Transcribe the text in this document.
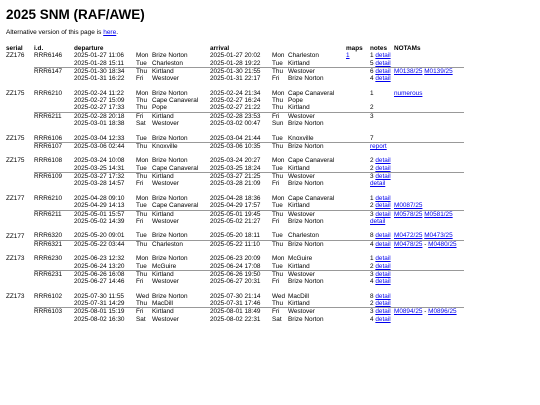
2025 SNM (RAF/AWE)
Alternative version of this page is here.
serial	i.d.	departure			arrival			maps	notes	NOTAMs
ZZ176	RRR6146	2025-01-27 11:06	Mon	Brize Norton	2025-01-27 20:02	Mon	Charleston	1	1 detail	
		2025-01-28 15:11	Tue	Charleston	2025-01-28 19:22	Tue	Kirtland		5 detail	
	RRR6147	2025-01-30 18:34	Thu	Kirtland	2025-01-30 21:55	Thu	Westover		6 detail	M0138/25 M0139/25
		2025-01-31 16:22	Fri	Westover	2025-01-31 22:17	Fri	Brize Norton		4 detail	

ZZ175	RRR6210	2025-02-24 11:22	Mon	Brize Norton	2025-02-24 21:34	Mon	Cape Canaveral		1	numerous
		2025-02-27 15:09	Thu	Cape Canaveral	2025-02-27 16:24	Thu	Pope			
		2025-02-27 17:33	Thu	Pope	2025-02-27 21:22	Thu	Kirtland		2	
	RRR6211	2025-02-28 20:18	Fri	Kirtland	2025-02-28 23:53	Fri	Westover		3	
		2025-03-01 18:38	Sat	Westover	2025-03-02 00:47	Sun	Brize Norton			

ZZ175	RRR6106	2025-03-04 12:33	Tue	Brize Norton	2025-03-04 21:44	Tue	Knoxville		7	
	RRR6107	2025-03-06 02:44	Thu	Knoxville	2025-03-06 10:35	Thu	Brize Norton		report	

ZZ175	RRR6108	2025-03-24 10:08	Mon	Brize Norton	2025-03-24 20:27	Mon	Cape Canaveral		2 detail	
		2025-03-25 14:31	Tue	Cape Canaveral	2025-03-25 18:24	Tue	Kirtland		2 detail	
	RRR6109	2025-03-27 17:32	Thu	Kirtland	2025-03-27 21:25	Thu	Westover		3 detail	
		2025-03-28 14:57	Fri	Westover	2025-03-28 21:09	Fri	Brize Norton		detail	

ZZ177	RRR6210	2025-04-28 09:10	Mon	Brize Norton	2025-04-28 18:36	Mon	Cape Canaveral		1 detail	
		2025-04-29 14:13	Tue	Cape Canaveral	2025-04-29 17:57	Tue	Kirtland		2 detail	M0087/25
	RRR6211	2025-05-01 15:57	Thu	Kirtland	2025-05-01 19:45	Thu	Westover		3 detail	M0578/25 M0581/25
		2025-05-02 14:39	Fri	Westover	2025-05-02 21:27	Fri	Brize Norton		detail	

ZZ177	RRR6320	2025-05-20 09:01	Tue	Brize Norton	2025-05-20 18:11	Tue	Charleston		8 detail	M0472/25 M0473/25
	RRR6321	2025-05-22 03:44	Thu	Charleston	2025-05-22 11:10	Thu	Brize Norton		4 detail	M0478/25 - M0480/25

ZZ173	RRR6230	2025-06-23 12:32	Mon	Brize Norton	2025-06-23 20:09	Mon	McGuire		1 detail	
		2025-06-24 13:20	Tue	McGuire	2025-06-24 17:08	Tue	Kirtland		2 detail	
	RRR6231	2025-06-26 16:08	Thu	Kirtland	2025-06-26 19:50	Thu	Westover		3 detail	
		2025-06-27 14:46	Fri	Westover	2025-06-27 20:31	Fri	Brize Norton		4 detail	

ZZ173	RRR6102	2025-07-30 11:55	Wed	Brize Norton	2025-07-30 21:14	Wed	MacDill		8 detail	
		2025-07-31 14:29	Thu	MacDill	2025-07-31 17:46	Thu	Kirtland		2 detail	
	RRR6103	2025-08-01 15:19	Fri	Kirtland	2025-08-01 18:49	Fri	Westover		3 detail	M0894/25 - M0896/25
		2025-08-02 16:30	Sat	Westover	2025-08-02 22:31	Sat	Brize Norton		4 detail	
